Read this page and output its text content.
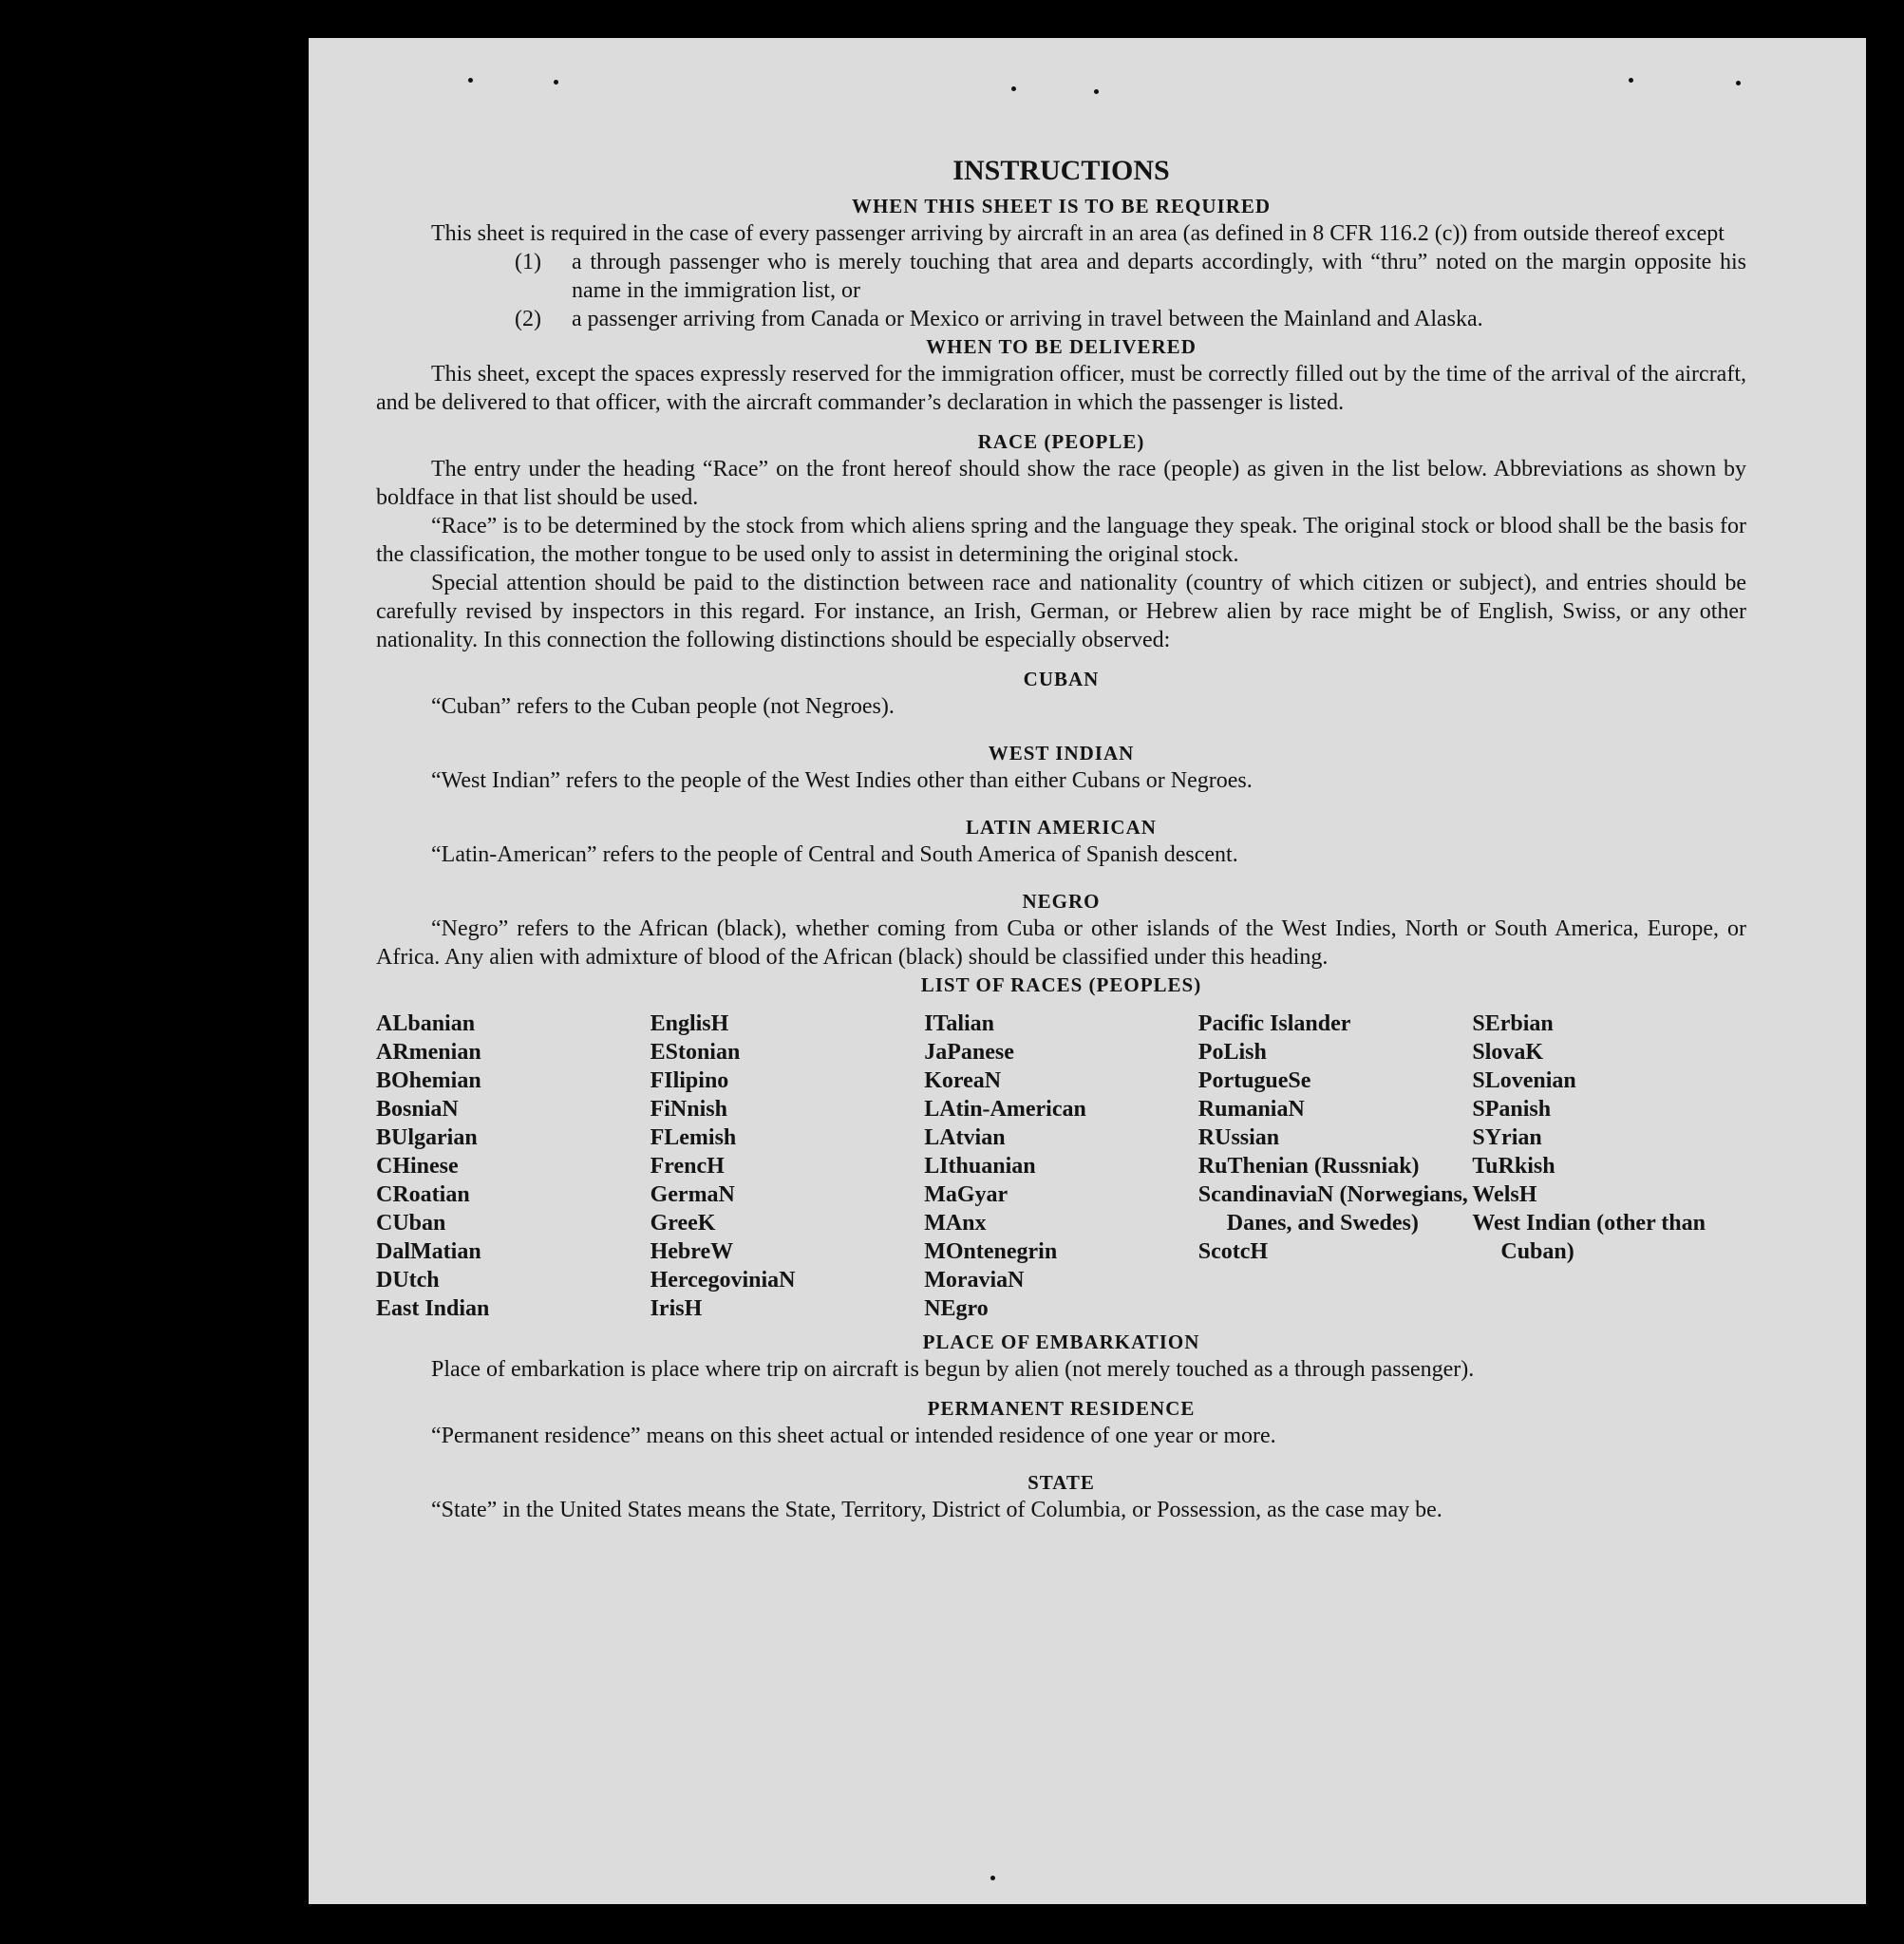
INSTRUCTIONS
WHEN THIS SHEET IS TO BE REQUIRED

This sheet is required in the case of every passenger arriving by aircraft in an area (as defined in 8 CFR 116.2 (c)) from outside thereof except

(1) a through passenger who is merely touching that area and departs accordingly, with “thru” noted on the margin opposite his name in the immigration list, or

(2) a passenger arriving from Canada or Mexico or arriving in travel between the Mainland and Alaska.

WHEN TO BE DELIVERED

This sheet, except the spaces expressly reserved for the immigration officer, must be correctly filled out by the time of the arrival of the aircraft, and be delivered to that officer, with the aircraft commander’s declaration in which the passenger is listed.

RACE (PEOPLE)

The entry under the heading “Race” on the front hereof should show the race (people) as given in the list below. Abbreviations as shown by boldface in that list should be used.

“Race” is to be determined by the stock from which aliens spring and the language they speak. The original stock or blood shall be the basis for the classification, the mother tongue to be used only to assist in determining the original stock.

Special attention should be paid to the distinction between race and nationality (country of which citizen or subject), and entries should be carefully revised by inspectors in this regard. For instance, an Irish, German, or Hebrew alien by race might be of English, Swiss, or any other nationality. In this connection the following distinctions should be especially observed:

CUBAN

“Cuban” refers to the Cuban people (not Negroes).

WEST INDIAN

“West Indian” refers to the people of the West Indies other than either Cubans or Negroes.

LATIN AMERICAN

“Latin-American” refers to the people of Central and South America of Spanish descent.

NEGRO

“Negro” refers to the African (black), whether coming from Cuba or other islands of the West Indies, North or South America, Europe, or Africa. Any alien with admixture of blood of the African (black) should be classified under this heading.

LIST OF RACES (PEOPLES)
ALbanian
ARmenian
BOhemian
BosniaN
BUlgarian
CHinese
CRoatian
CUban
DalMatian
DUtch
East Indian
EnglisH
EStonian
FIlipino
FiNnish
FLemish
FrencH
GermaN
GreeK
HebreW
HercegoviniaN
IrisH
ITalian
JaPanese
KoreaN
LAtin-American
LAtvian
LIthuanian
MaGyar
MAnx
MOntenegrin
MoraviaN
NEgro
Pacific Islander
PoLish
PortugueSe
RumaniaN
RUssian
RuThenian (Russniak)
ScandinaviaN (Norwegians, Danes, and Swedes)
ScotcH
SErbian
SlovaK
SLovenian
SPanish
SYrian
TuRkish
WelsH
West Indian (other than Cuban)
PLACE OF EMBARKATION

Place of embarkation is place where trip on aircraft is begun by alien (not merely touched as a through passenger).

PERMANENT RESIDENCE

“Permanent residence” means on this sheet actual or intended residence of one year or more.

STATE

“State” in the United States means the State, Territory, District of Columbia, or Possession, as the case may be.
